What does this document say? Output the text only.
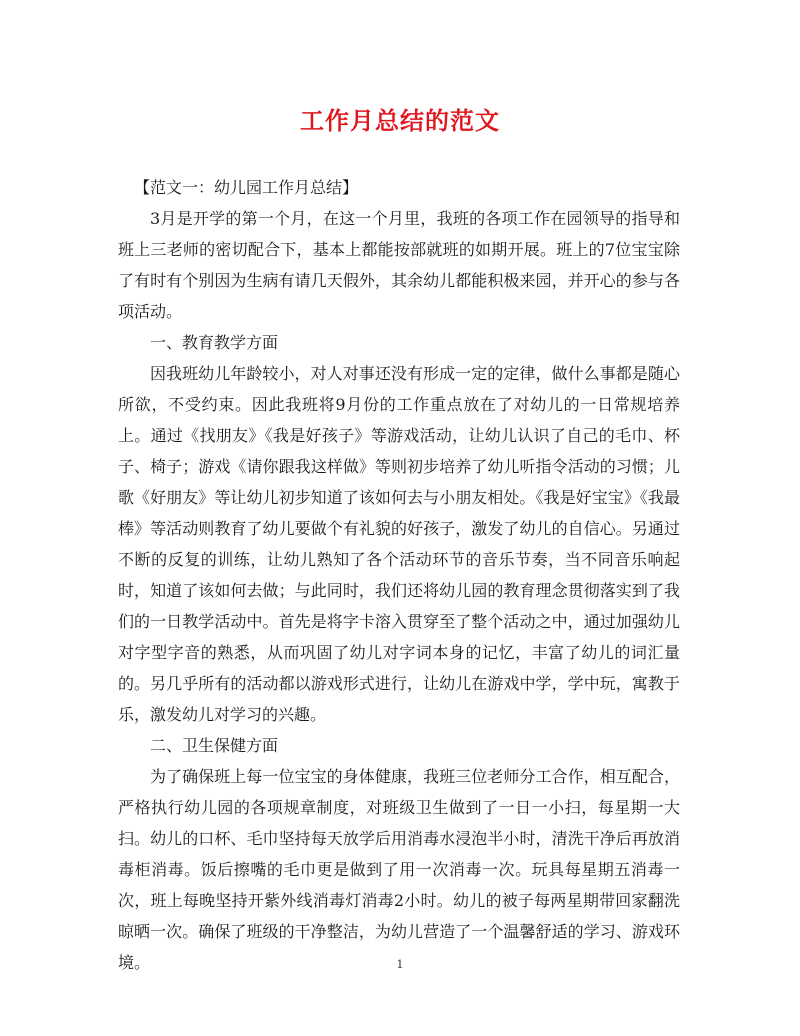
工作月总结的范文

【范文一：幼儿园工作月总结】

3月是开学的第一个月，在这一个月里，我班的各项工作在园领导的指导和班上三老师的密切配合下，基本上都能按部就班的如期开展。班上的7位宝宝除了有时有个别因为生病有请几天假外，其余幼儿都能积极来园，并开心的参与各项活动。

一、教育教学方面

因我班幼儿年龄较小，对人对事还没有形成一定的定律，做什么事都是随心所欲，不受约束。因此我班将9月份的工作重点放在了对幼儿的一日常规培养上。通过《找朋友》《我是好孩子》等游戏活动，让幼儿认识了自己的毛巾、杯子、椅子；游戏《请你跟我这样做》等则初步培养了幼儿听指令活动的习惯；儿歌《好朋友》等让幼儿初步知道了该如何去与小朋友相处。《我是好宝宝》《我最棒》等活动则教育了幼儿要做个有礼貌的好孩子，激发了幼儿的自信心。另通过不断的反复的训练，让幼儿熟知了各个活动环节的音乐节奏，当不同音乐响起时，知道了该如何去做；与此同时，我们还将幼儿园的教育理念贯彻落实到了我们的一日教学活动中。首先是将字卡溶入贯穿至了整个活动之中，通过加强幼儿对字型字音的熟悉，从而巩固了幼儿对字词本身的记忆，丰富了幼儿的词汇量的。另几乎所有的活动都以游戏形式进行，让幼儿在游戏中学，学中玩，寓教于乐，激发幼儿对学习的兴趣。

二、卫生保健方面

为了确保班上每一位宝宝的身体健康，我班三位老师分工合作，相互配合，严格执行幼儿园的各项规章制度，对班级卫生做到了一日一小扫，每星期一大扫。幼儿的口杯、毛巾坚持每天放学后用消毒水浸泡半小时，清洗干净后再放消毒柜消毒。饭后擦嘴的毛巾更是做到了用一次消毒一次。玩具每星期五消毒一次，班上每晚坚持开紫外线消毒灯消毒2小时。幼儿的被子每两星期带回家翻洗晾晒一次。确保了班级的干净整洁，为幼儿营造了一个温馨舒适的学习、游戏环境。	1
